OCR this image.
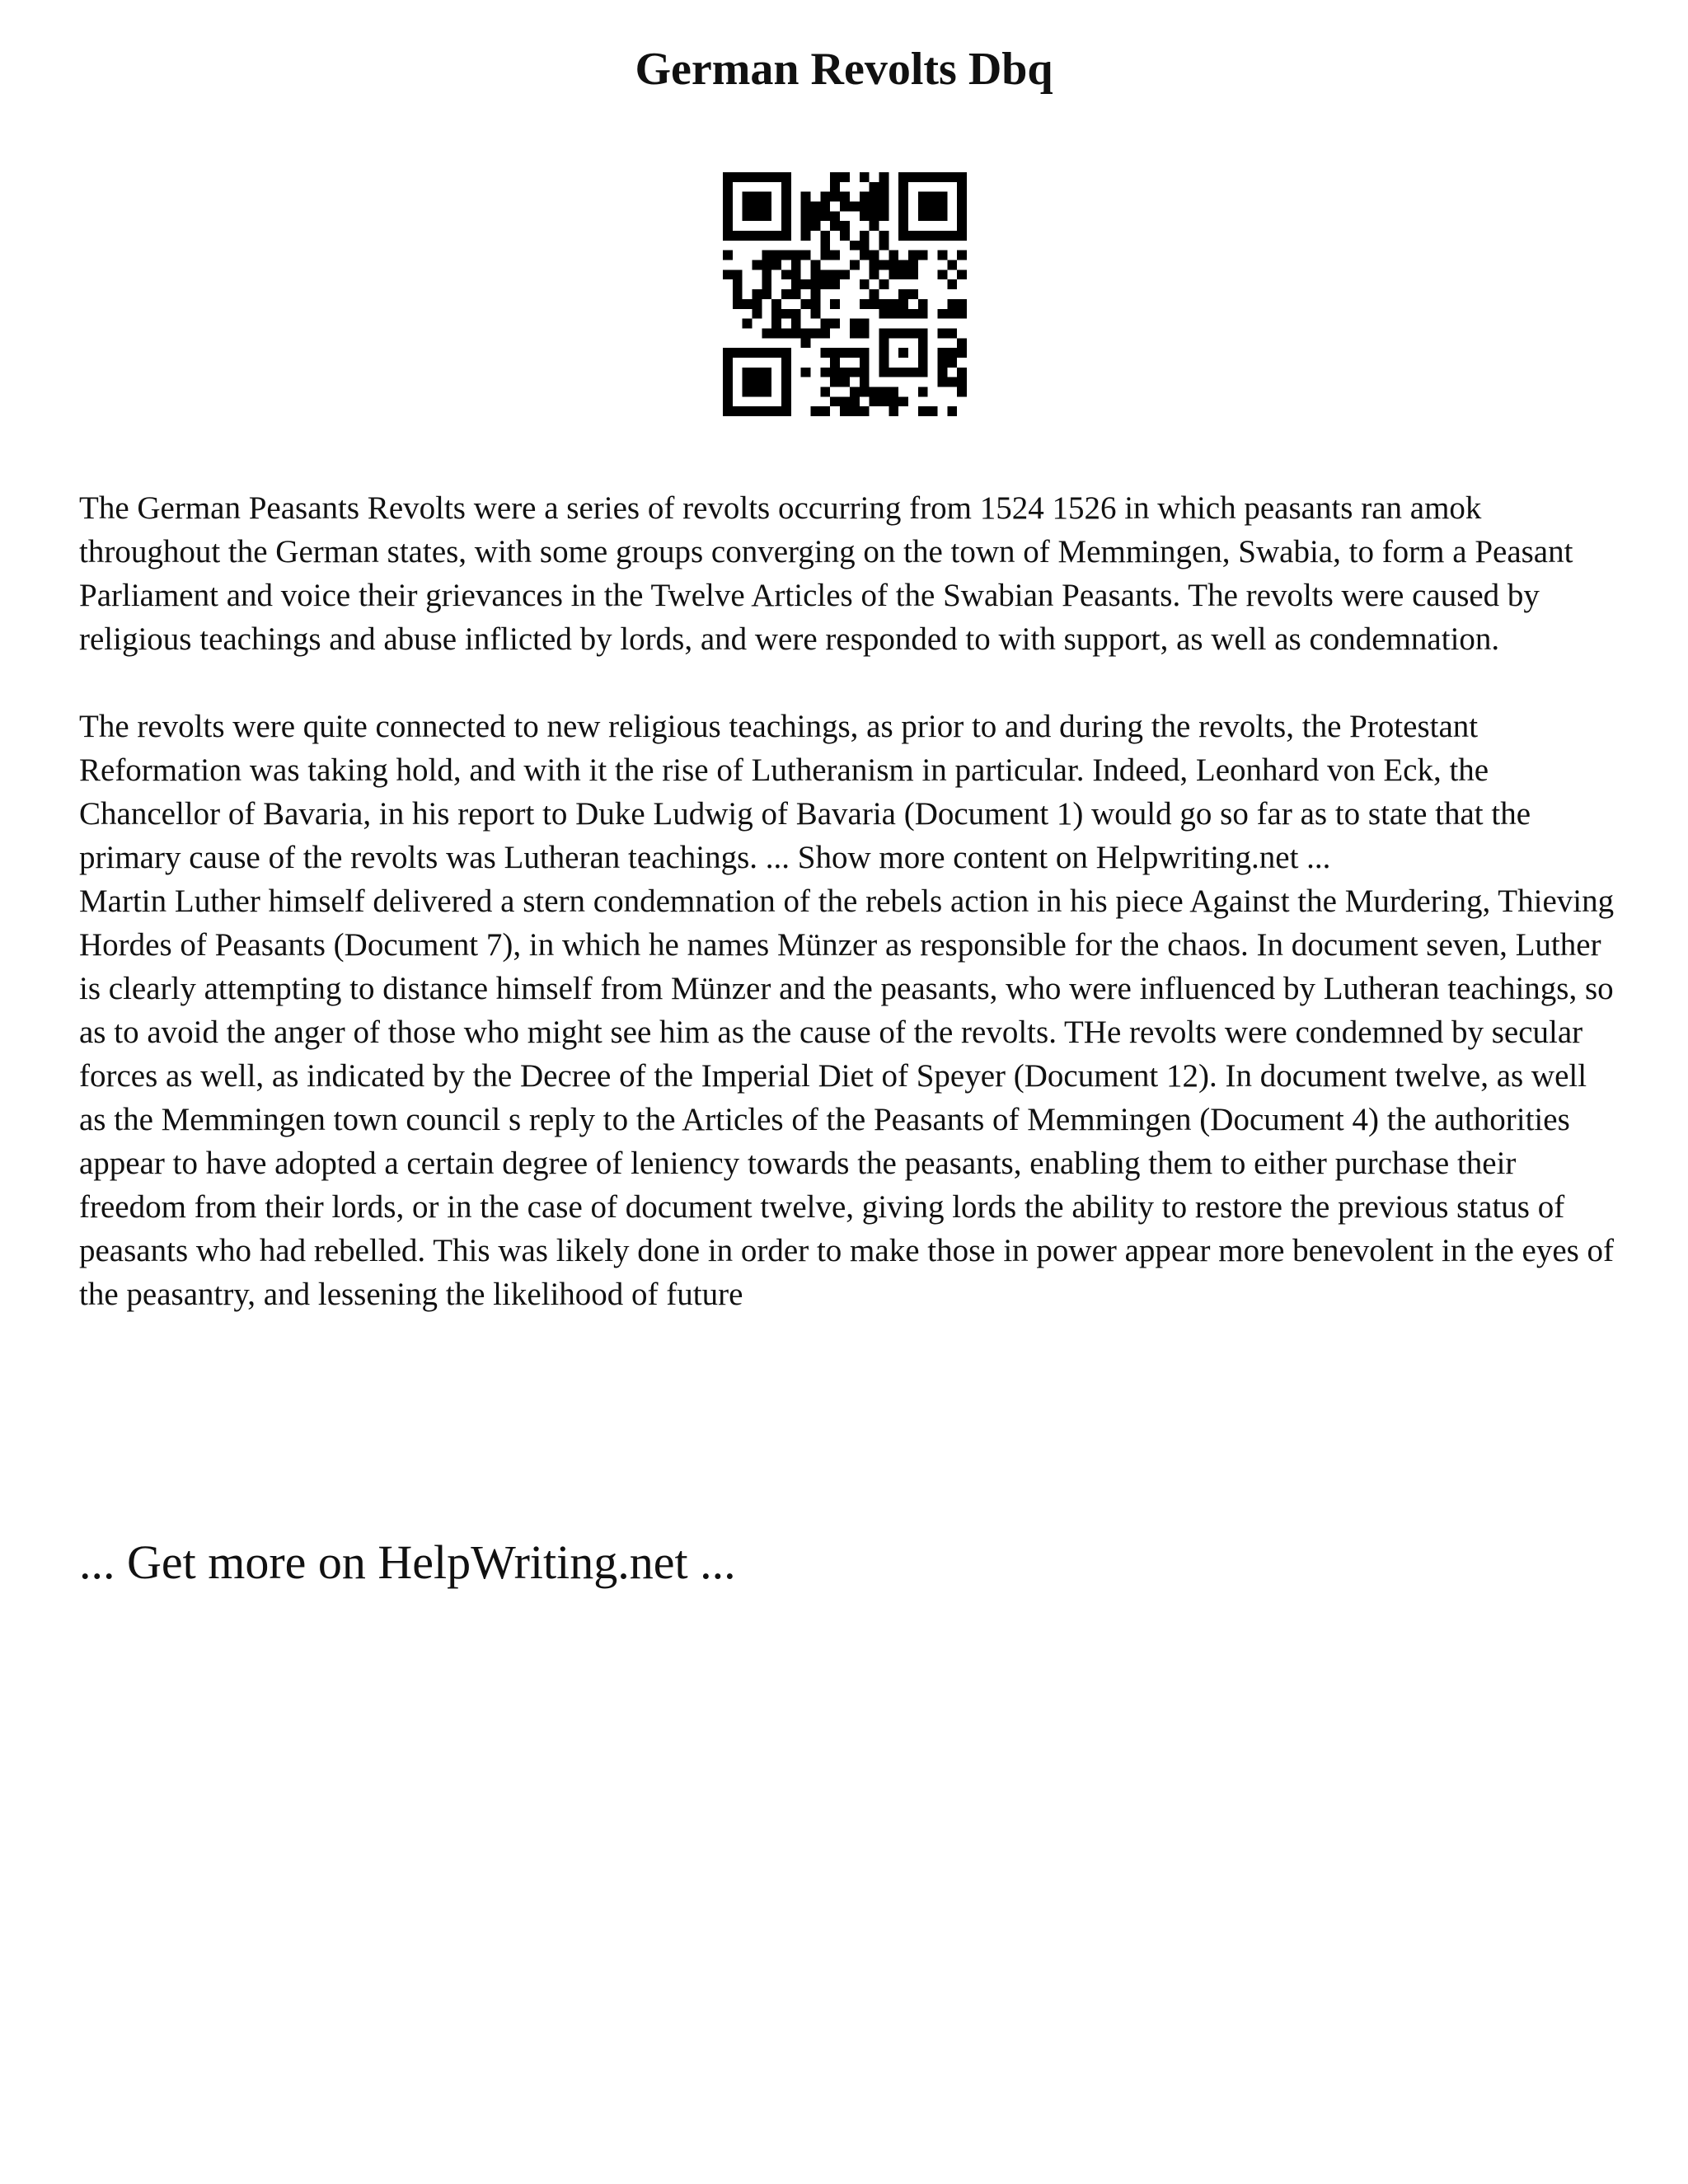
German Revolts Dbq

The German Peasants Revolts were a series of revolts occurring from 1524 1526 in which peasants ran amok throughout the German states, with some groups converging on the town of Memmingen, Swabia, to form a Peasant Parliament and voice their grievances in the Twelve Articles of the Swabian Peasants. The revolts were caused by religious teachings and abuse inflicted by lords, and were responded to with support, as well as condemnation.

The revolts were quite connected to new religious teachings, as prior to and during the revolts, the Protestant Reformation was taking hold, and with it the rise of Lutheranism in particular. Indeed, Leonhard von Eck, the Chancellor of Bavaria, in his report to Duke Ludwig of Bavaria (Document 1) would go so far as to state that the primary cause of the revolts was Lutheran teachings. ... Show more content on Helpwriting.net ...

Martin Luther himself delivered a stern condemnation of the rebels action in his piece Against the Murdering, Thieving Hordes of Peasants (Document 7), in which he names Münzer as responsible for the chaos. In document seven, Luther is clearly attempting to distance himself from Münzer and the peasants, who were influenced by Lutheran teachings, so as to avoid the anger of those who might see him as the cause of the revolts. THe revolts were condemned by secular forces as well, as indicated by the Decree of the Imperial Diet of Speyer (Document 12). In document twelve, as well as the Memmingen town council s reply to the Articles of the Peasants of Memmingen (Document 4) the authorities appear to have adopted a certain degree of leniency towards the peasants, enabling them to either purchase their freedom from their lords, or in the case of document twelve, giving lords the ability to restore the previous status of peasants who had rebelled. This was likely done in order to make those in power appear more benevolent in the eyes of the peasantry, and lessening the likelihood of future

... Get more on HelpWriting.net ...
